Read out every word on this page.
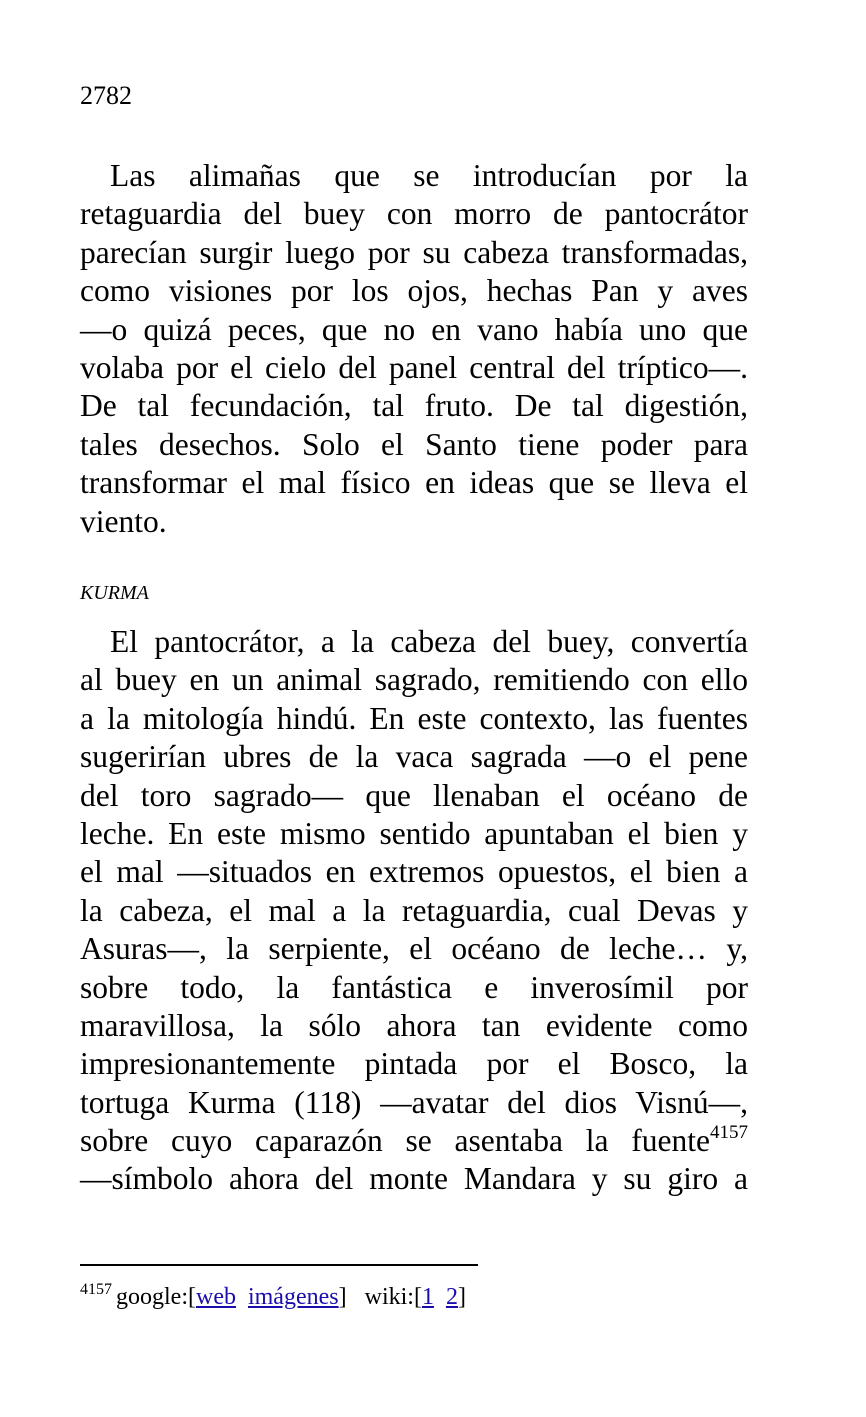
2782
Las alimañas que se introducían por la
retaguardia del buey con morro de pantocrátor
parecían surgir luego por su cabeza transformadas,
como visiones por los ojos, hechas Pan y aves
—o quizá peces, que no en vano había uno que
volaba por el cielo del panel central del tríptico—.
De tal fecundación, tal fruto. De tal digestión,
tales desechos. Solo el Santo tiene poder para
transformar el mal físico en ideas que se lleva el
viento.
KURMA
El pantocrátor, a la cabeza del buey, convertía
al buey en un animal sagrado, remitiendo con ello
a la mitología hindú. En este contexto, las fuentes
sugerirían ubres de la vaca sagrada —o el pene
del toro sagrado— que llenaban el océano de
leche. En este mismo sentido apuntaban el bien y
el mal —situados en extremos opuestos, el bien a
la cabeza, el mal a la retaguardia, cual Devas y
Asuras—, la serpiente, el océano de leche… y,
sobre todo, la fantástica e inverosímil por
maravillosa, la sólo ahora tan evidente como
impresionantemente pintada por el Bosco, la
tortuga Kurma (118) —avatar del dios Visnú—,
sobre cuyo caparazón se asentaba la fuente$^{4157}$
—símbolo ahora del monte Mandara y su giro a
$^{4157}$ google:[web imágenes] wiki:[1 2]
